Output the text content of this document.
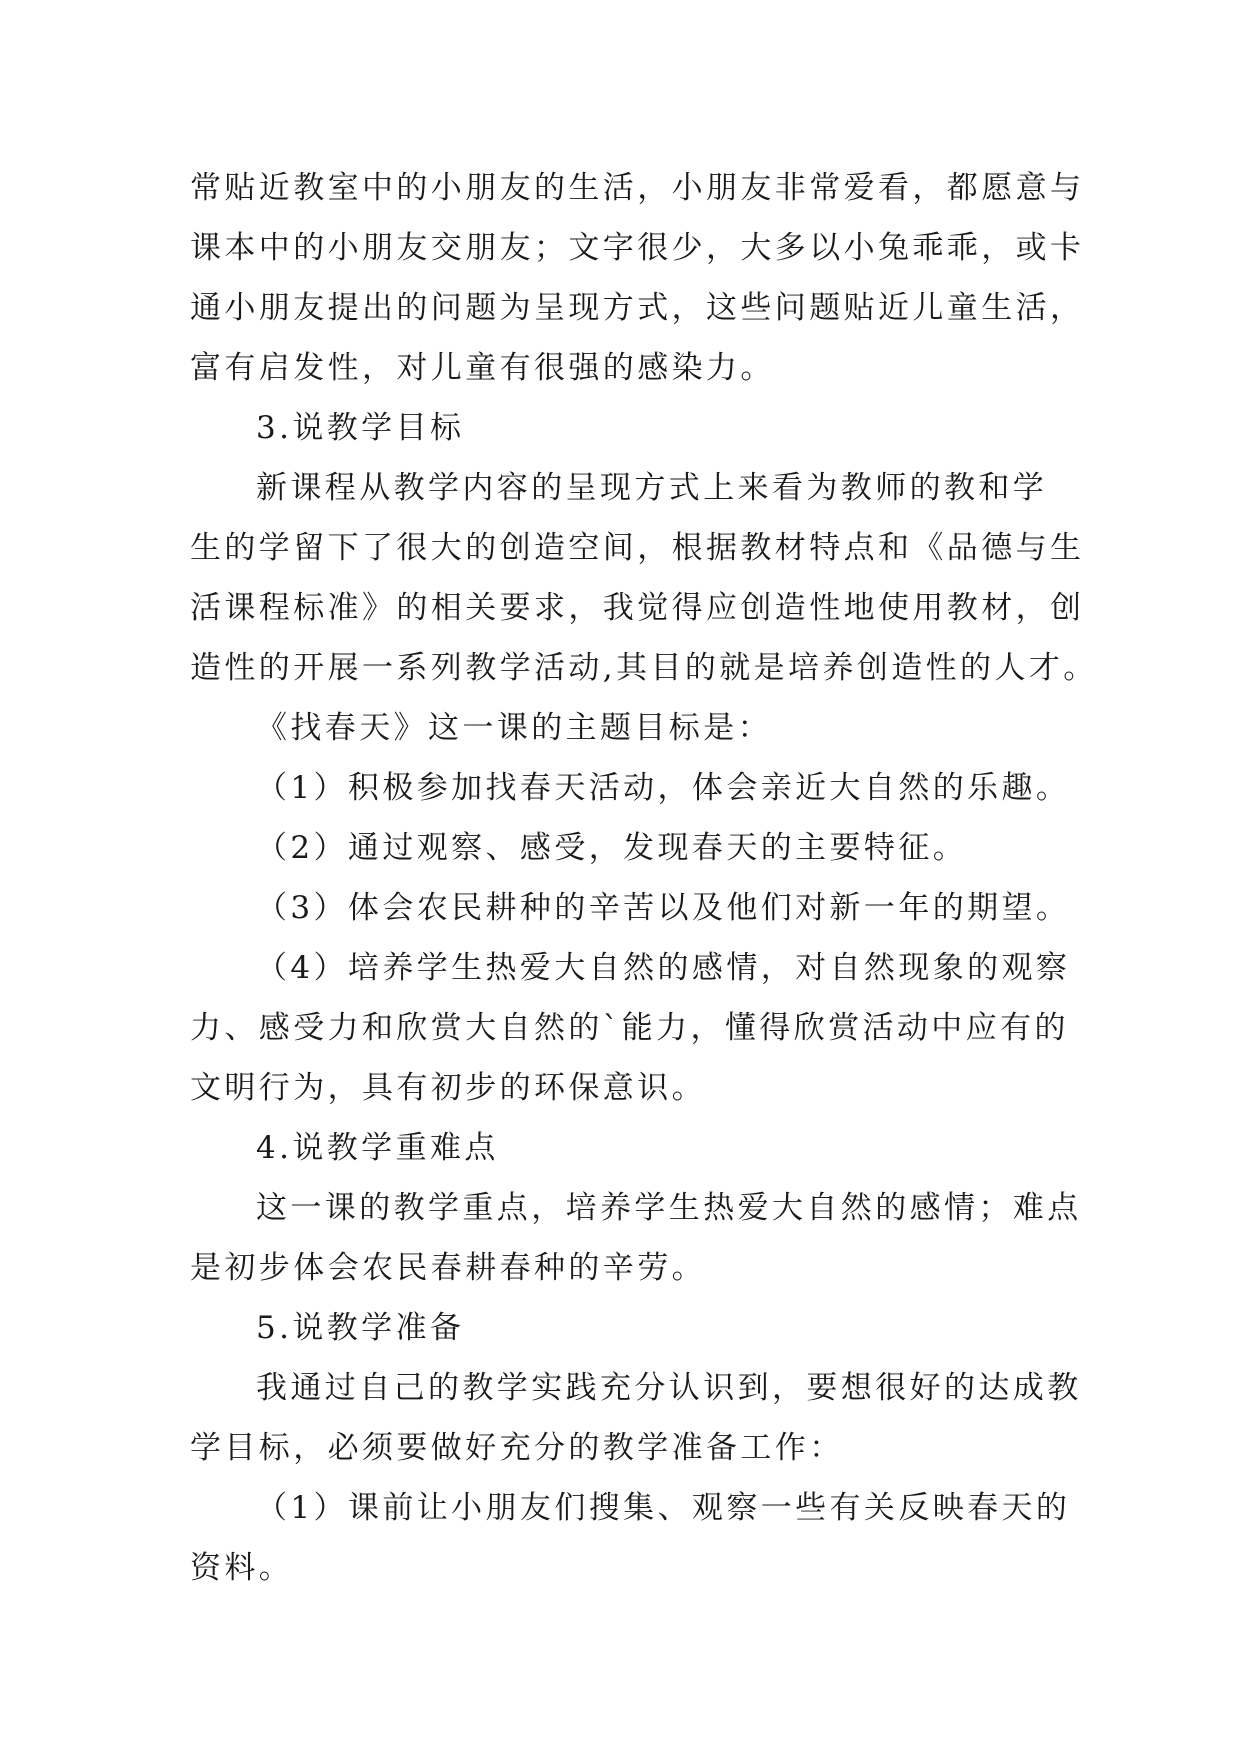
常贴近教室中的小朋友的生活，小朋友非常爱看，都愿意与
课本中的小朋友交朋友；文字很少，大多以小兔乖乖，或卡
通小朋友提出的问题为呈现方式，这些问题贴近儿童生活，
富有启发性，对儿童有很强的感染力。
3.说教学目标
新课程从教学内容的呈现方式上来看为教师的教和学
生的学留下了很大的创造空间，根据教材特点和《品德与生
活课程标准》的相关要求，我觉得应创造性地使用教材，创
造性的开展一系列教学活动,其目的就是培养创造性的人才。
《找春天》这一课的主题目标是：
（1）积极参加找春天活动，体会亲近大自然的乐趣。
（2）通过观察、感受，发现春天的主要特征。
（3）体会农民耕种的辛苦以及他们对新一年的期望。
（4）培养学生热爱大自然的感情，对自然现象的观察
力、感受力和欣赏大自然的`能力，懂得欣赏活动中应有的
文明行为，具有初步的环保意识。
4.说教学重难点
这一课的教学重点，培养学生热爱大自然的感情；难点
是初步体会农民春耕春种的辛劳。
5.说教学准备
我通过自己的教学实践充分认识到，要想很好的达成教
学目标，必须要做好充分的教学准备工作：
（1）课前让小朋友们搜集、观察一些有关反映春天的
资料。
